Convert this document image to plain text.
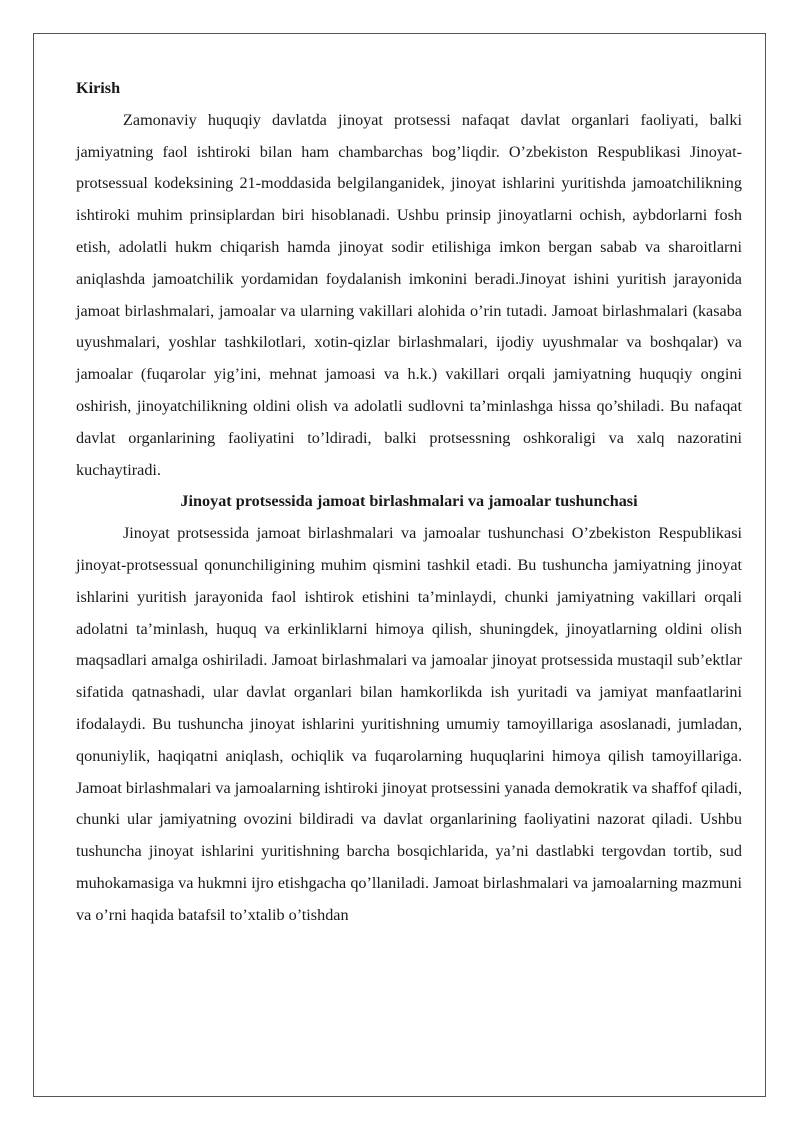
Kirish

Zamonaviy huquqiy davlatda jinoyat protsessi nafaqat davlat organlari faoliyati, balki jamiyatning faol ishtiroki bilan ham chambarchas bog’liqdir. O’zbekiston Respublikasi Jinoyat-protsessual kodeksining 21-moddasida belgilanganidek, jinoyat ishlarini yuritishda jamoatchilikning ishtiroki muhim prinsiplardan biri hisoblanadi. Ushbu prinsip jinoyatlarni ochish, aybdorlarni fosh etish, adolatli hukm chiqarish hamda jinoyat sodir etilishiga imkon bergan sabab va sharoitlarni aniqlashda jamoatchilik yordamidan foydalanish imkonini beradi.Jinoyat ishini yuritish jarayonida jamoat birlashmalari, jamoalar va ularning vakillari alohida o’rin tutadi. Jamoat birlashmalari (kasaba uyushmalari, yoshlar tashkilotlari, xotin-qizlar birlashmalari, ijodiy uyushmalar va boshqalar) va jamoalar (fuqarolar yig’ini, mehnat jamoasi va h.k.) vakillari orqali jamiyatning huquqiy ongini oshirish, jinoyatchilikning oldini olish va adolatli sudlovni ta’minlashga hissa qo’shiladi. Bu nafaqat davlat organlarining faoliyatini to’ldiradi, balki protsessning oshkoraligi va xalq nazoratini kuchaytiradi.

Jinoyat protsessida jamoat birlashmalari va jamoalar tushunchasi

Jinoyat protsessida jamoat birlashmalari va jamoalar tushunchasi O’zbekiston Respublikasi jinoyat-protsessual qonunchiligining muhim qismini tashkil etadi. Bu tushuncha jamiyatning jinoyat ishlarini yuritish jarayonida faol ishtirok etishini ta’minlaydi, chunki jamiyatning vakillari orqali adolatni ta’minlash, huquq va erkinliklarni himoya qilish, shuningdek, jinoyatlarning oldini olish maqsadlari amalga oshiriladi. Jamoat birlashmalari va jamoalar jinoyat protsessida mustaqil sub’ektlar sifatida qatnashadi, ular davlat organlari bilan hamkorlikda ish yuritadi va jamiyat manfaatlarini ifodalaydi. Bu tushuncha jinoyat ishlarini yuritishning umumiy tamoyillariga asoslanadi, jumladan, qonuniylik, haqiqatni aniqlash, ochiqlik va fuqarolarning huquqlarini himoya qilish tamoyillariga. Jamoat birlashmalari va jamoalarning ishtiroki jinoyat protsessini yanada demokratik va shaffof qiladi, chunki ular jamiyatning ovozini bildiradi va davlat organlarining faoliyatini nazorat qiladi. Ushbu tushuncha jinoyat ishlarini yuritishning barcha bosqichlarida, ya’ni dastlabki tergovdan tortib, sud muhokamasiga va hukmni ijro etishgacha qo’llaniladi. Jamoat birlashmalari va jamoalarning mazmuni va o’rni haqida batafsil to’xtalib o’tishdan
